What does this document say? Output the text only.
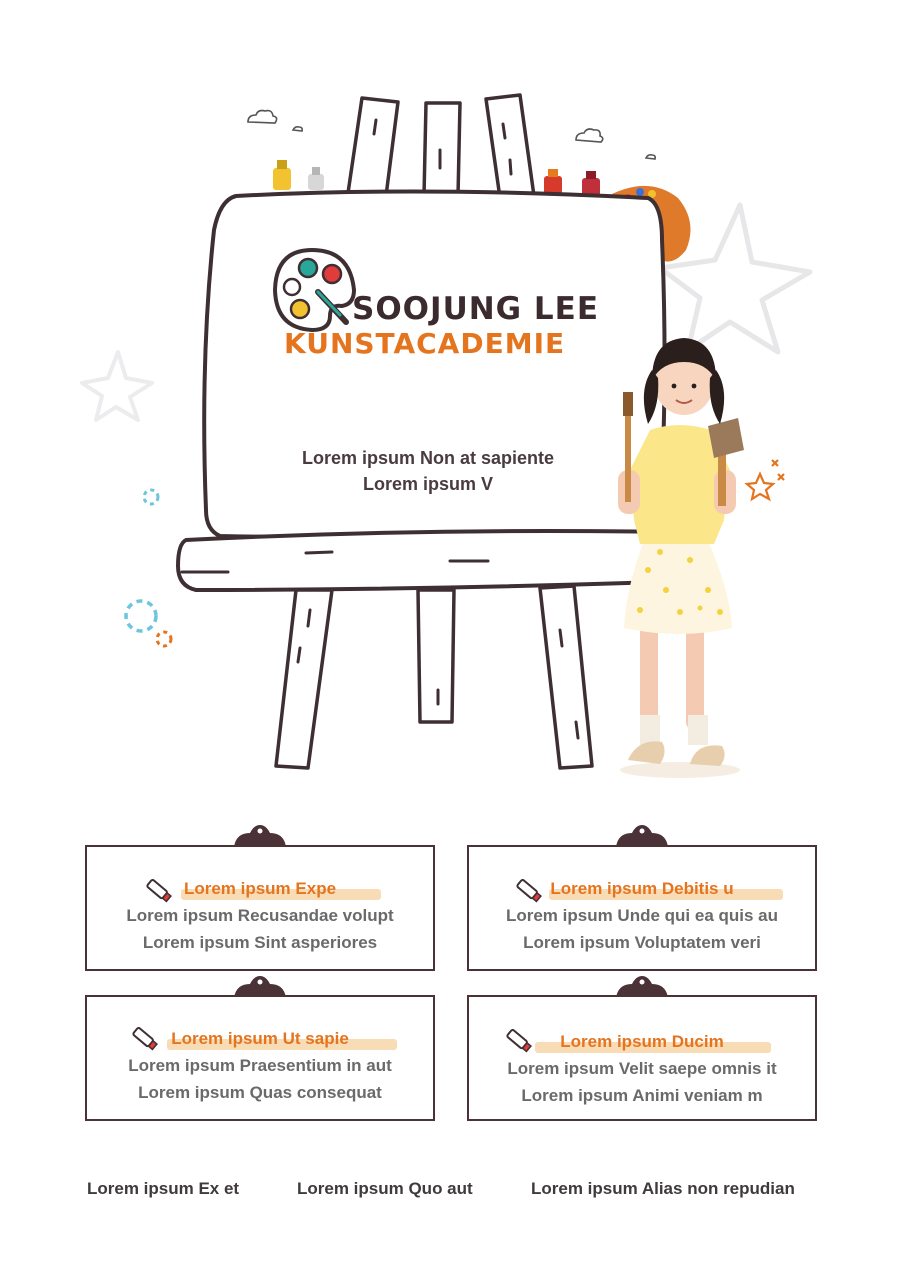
SOOJUNG LEE
KUNSTACADEMIE
Lorem ipsum Non at sapiente
Lorem ipsum V
Lorem ipsum Expe
Lorem ipsum Recusandae volupt
Lorem ipsum Sint asperiores
Lorem ipsum Debitis u
Lorem ipsum Unde qui ea quis au
Lorem ipsum Voluptatem veri
Lorem ipsum Ut sapie
Lorem ipsum Praesentium in aut
Lorem ipsum Quas consequat
Lorem ipsum Ducim
Lorem ipsum Velit saepe omnis it
Lorem ipsum Animi veniam m
Lorem ipsum Ex et	Lorem ipsum Quo aut	Lorem ipsum Alias non repudian
